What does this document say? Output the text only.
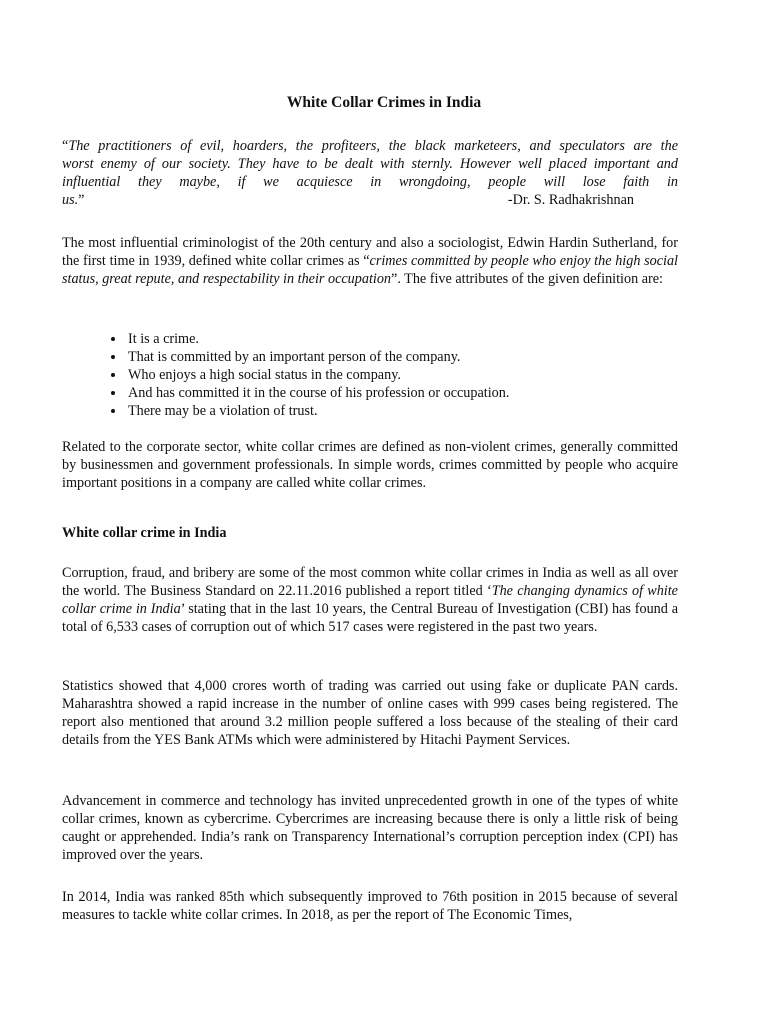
White Collar Crimes in India
“The practitioners of evil, hoarders, the profiteers, the black marketeers, and speculators are the
worst enemy of our society. They have to be dealt with sternly. However well placed important and
influential they maybe, if we acquiesce in wrongdoing, people will lose faith in
us.”	-Dr. S. Radhakrishnan
The most influential criminologist of the 20th century and also a sociologist, Edwin Hardin Sutherland, for the first time in 1939, defined white collar crimes as “crimes committed by people who enjoy the high social status, great repute, and respectability in their occupation”. The five attributes of the given definition are:
• It is a crime.
• That is committed by an important person of the company.
• Who enjoys a high social status in the company.
• And has committed it in the course of his profession or occupation.
• There may be a violation of trust.
Related to the corporate sector, white collar crimes are defined as non-violent crimes, generally committed by businessmen and government professionals. In simple words, crimes committed by people who acquire important positions in a company are called white collar crimes.
White collar crime in India
Corruption, fraud, and bribery are some of the most common white collar crimes in India as well as all over the world. The Business Standard on 22.11.2016 published a report titled ‘The changing dynamics of white collar crime in India’ stating that in the last 10 years, the Central Bureau of Investigation (CBI) has found a total of 6,533 cases of corruption out of which 517 cases were registered in the past two years.
Statistics showed that 4,000 crores worth of trading was carried out using fake or duplicate PAN cards. Maharashtra showed a rapid increase in the number of online cases with 999 cases being registered. The report also mentioned that around 3.2 million people suffered a loss because of the stealing of their card details from the YES Bank ATMs which were administered by Hitachi Payment Services.
Advancement in commerce and technology has invited unprecedented growth in one of the types of white collar crimes, known as cybercrime. Cybercrimes are increasing because there is only a little risk of being caught or apprehended. India’s rank on Transparency International’s corruption perception index (CPI) has improved over the years.
In 2014, India was ranked 85th which subsequently improved to 76th position in 2015 because of several measures to tackle white collar crimes. In 2018, as per the report of The Economic Times,
